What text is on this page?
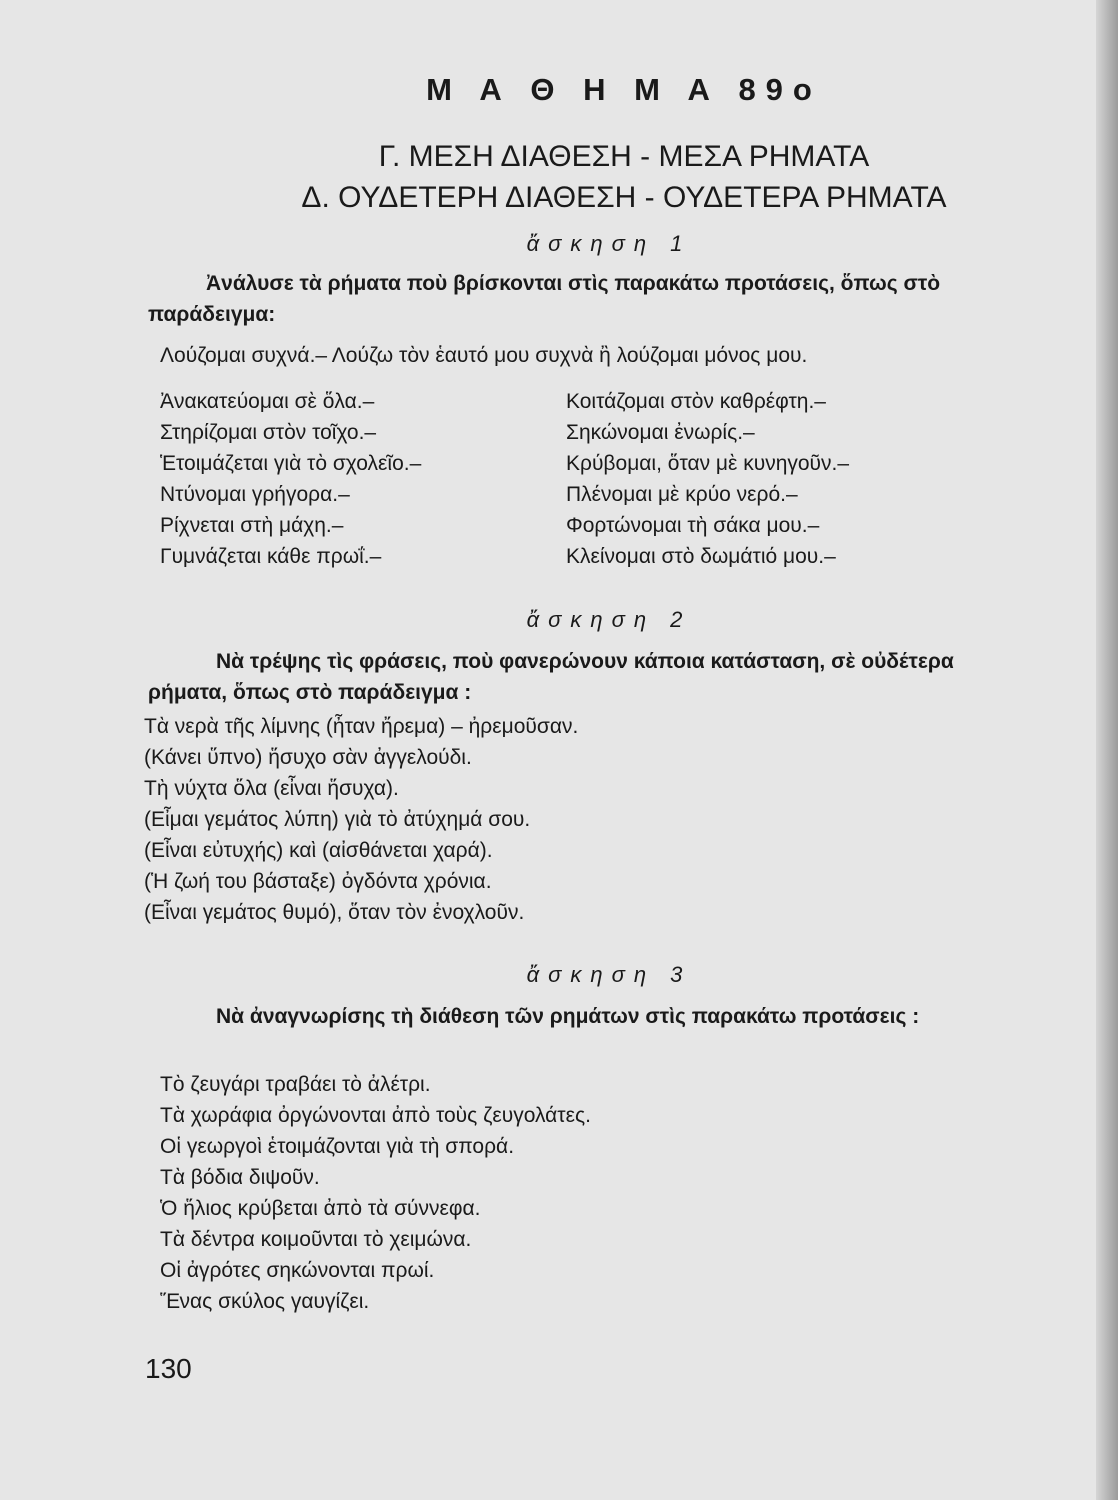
Μ Α Θ Η Μ Α 89ο
Γ. ΜΕΣΗ ΔΙΑΘΕΣΗ - ΜΕΣΑ ΡΗΜΑΤΑ
Δ. ΟΥΔΕΤΕΡΗ ΔΙΑΘΕΣΗ - ΟΥΔΕΤΕΡΑ ΡΗΜΑΤΑ
ἄσκηση 1
Ἀνάλυσε τὰ ρήματα ποὺ βρίσκονται στὶς παρακάτω προτάσεις, ὅπως στὸ παράδειγμα:
Λούζομαι συχνά.– Λούζω τὸν ἑαυτό μου συχνὰ ἢ λούζομαι μόνος μου.
Ἀνακατεύομαι σὲ ὅλα.–
Στηρίζομαι στὸν τοῖχο.–
Ἑτοιμάζεται γιὰ τὸ σχολεῖο.–
Ντύνομαι γρήγορα.–
Ρίχνεται στὴ μάχη.–
Γυμνάζεται κάθε πρωΐ.–
Κοιτάζομαι στὸν καθρέφτη.–
Σηκώνομαι ἐνωρίς.–
Κρύβομαι, ὅταν μὲ κυνηγοῦν.–
Πλένομαι μὲ κρύο νερό.–
Φορτώνομαι τὴ σάκα μου.–
Κλείνομαι στὸ δωμάτιό μου.–
ἄσκηση 2
Νὰ τρέψης τὶς φράσεις, ποὺ φανερώνουν κάποια κατάσταση, σὲ οὐδέτερα ρήματα, ὅπως στὸ παράδειγμα :
Τὰ νερὰ τῆς λίμνης (ἦταν ἤρεμα) – ἠρεμοῦσαν.
(Κάνει ὕπνο) ἥσυχο σὰν ἀγγελούδι.
Τὴ νύχτα ὅλα (εἶναι ἥσυχα).
(Εἶμαι γεμάτος λύπη) γιὰ τὸ ἀτύχημά σου.
(Εἶναι εὐτυχής) καὶ (αἰσθάνεται χαρά).
(Ἡ ζωή του βάσταξε) ὀγδόντα χρόνια.
(Εἶναι γεμάτος θυμό), ὅταν τὸν ἐνοχλοῦν.
ἄσκηση 3
Νὰ ἀναγνωρίσης τὴ διάθεση τῶν ρημάτων στὶς παρακάτω προτάσεις :
Τὸ ζευγάρι τραβάει τὸ ἀλέτρι.
Τὰ χωράφια ὀργώνονται ἀπὸ τοὺς ζευγολάτες.
Οἱ γεωργοὶ ἑτοιμάζονται γιὰ τὴ σπορά.
Τὰ βόδια διψοῦν.
Ὁ ἥλιος κρύβεται ἀπὸ τὰ σύννεφα.
Τὰ δέντρα κοιμοῦνται τὸ χειμώνα.
Οἱ ἀγρότες σηκώνονται πρωί.
Ἕνας σκύλος γαυγίζει.
130
